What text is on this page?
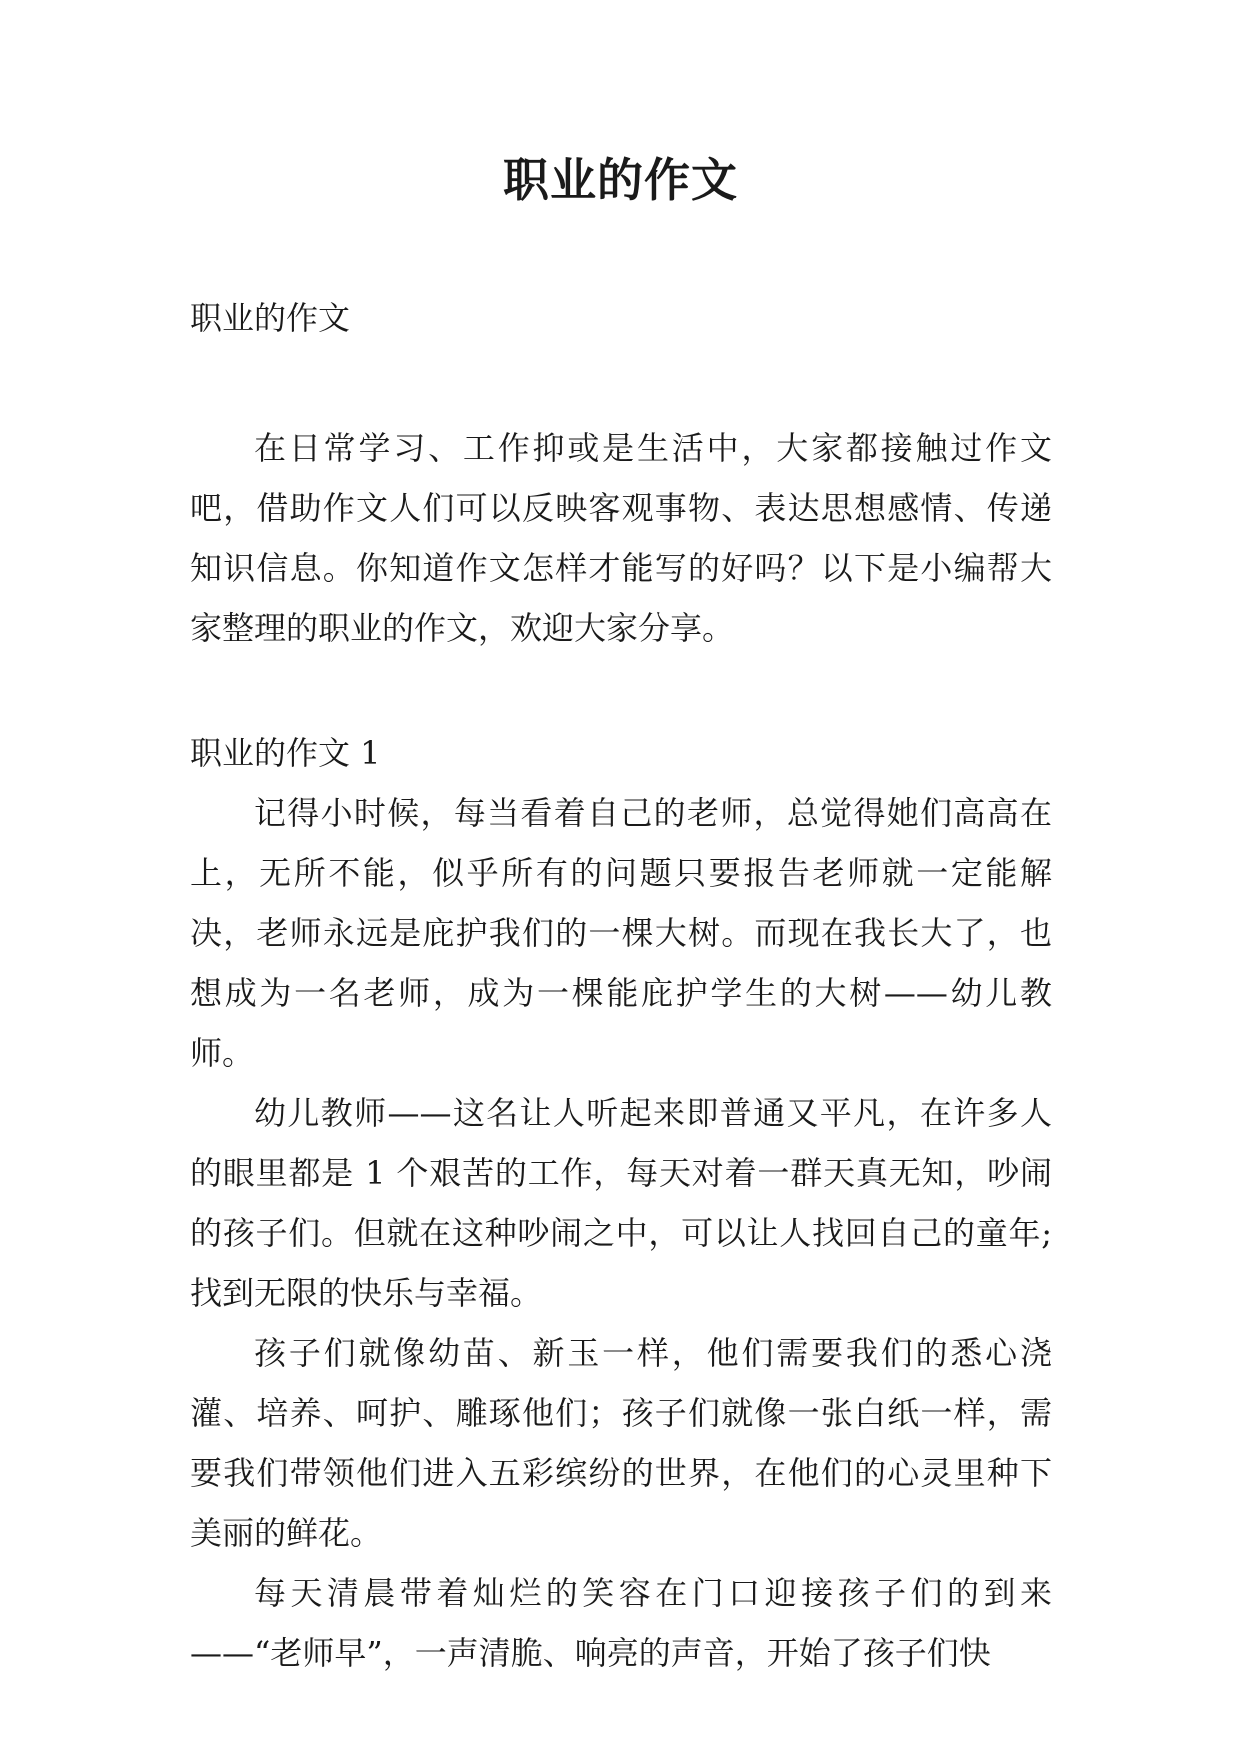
职业的作文

职业的作文

在日常学习、工作抑或是生活中，大家都接触过作文吧，借助作文人们可以反映客观事物、表达思想感情、传递知识信息。你知道作文怎样才能写的好吗？以下是小编帮大家整理的职业的作文，欢迎大家分享。

职业的作文 1

记得小时候，每当看着自己的老师，总觉得她们高高在上，无所不能，似乎所有的问题只要报告老师就一定能解决，老师永远是庇护我们的一棵大树。而现在我长大了，也想成为一名老师，成为一棵能庇护学生的大树——幼儿教师。

幼儿教师——这名让人听起来即普通又平凡，在许多人的眼里都是 1 个艰苦的工作，每天对着一群天真无知，吵闹的孩子们。但就在这种吵闹之中，可以让人找回自己的童年;找到无限的快乐与幸福。

孩子们就像幼苗、新玉一样，他们需要我们的悉心浇灌、培养、呵护、雕琢他们；孩子们就像一张白纸一样，需要我们带领他们进入五彩缤纷的世界，在他们的心灵里种下美丽的鲜花。

每天清晨带着灿烂的笑容在门口迎接孩子们的到来——“老师早”，一声清脆、响亮的声音，开始了孩子们快
